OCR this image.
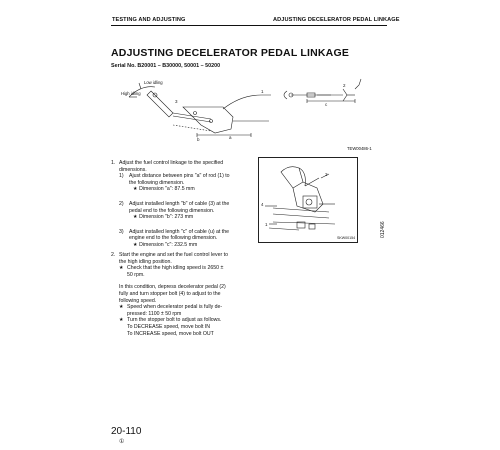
TESTING AND ADJUSTING	ADJUSTING DECELERATOR PEDAL LINKAGE
ADJUSTING DECELERATOR PEDAL LINKAGE
Serial No. B20001 – B30000, 50001 – 50200
b	a
c
3
1
2
Low idling
High idling
TEW00486-1
2
4
1
SKW00154	012466
1. Adjust the fuel control linkage to the specified
dimensions.
1) Ajust distance between pins "a" of rod (1) to
the following dimension.
★ Dimension "a": 87.5 mm
2) Adjust installed length "b" of cable (3) at the
pedal end to the following dimension.
★ Dimension "b": 273 mm
3) Adjust installed length "c" of cable (u) at the
engine end to the following dimension.
★ Dimension "c": 232.5 mm
2. Start the engine and set the fuel control lever to
the high idling position.
★ Check that the high idling speed is 2650 ±
50 rpm.
In this condition, depress decelerator pedal (2)
fully and turn stopper bolt (4) to adjust to the
following speed.
★ Speed when decelerator pedal is fully de-
pressed: 1100 ± 50 rpm
★ Turn the stopper bolt to adjust as follows.
To DECREASE speed, move bolt IN
To INCREASE speed, move bolt OUT
20-110
①
